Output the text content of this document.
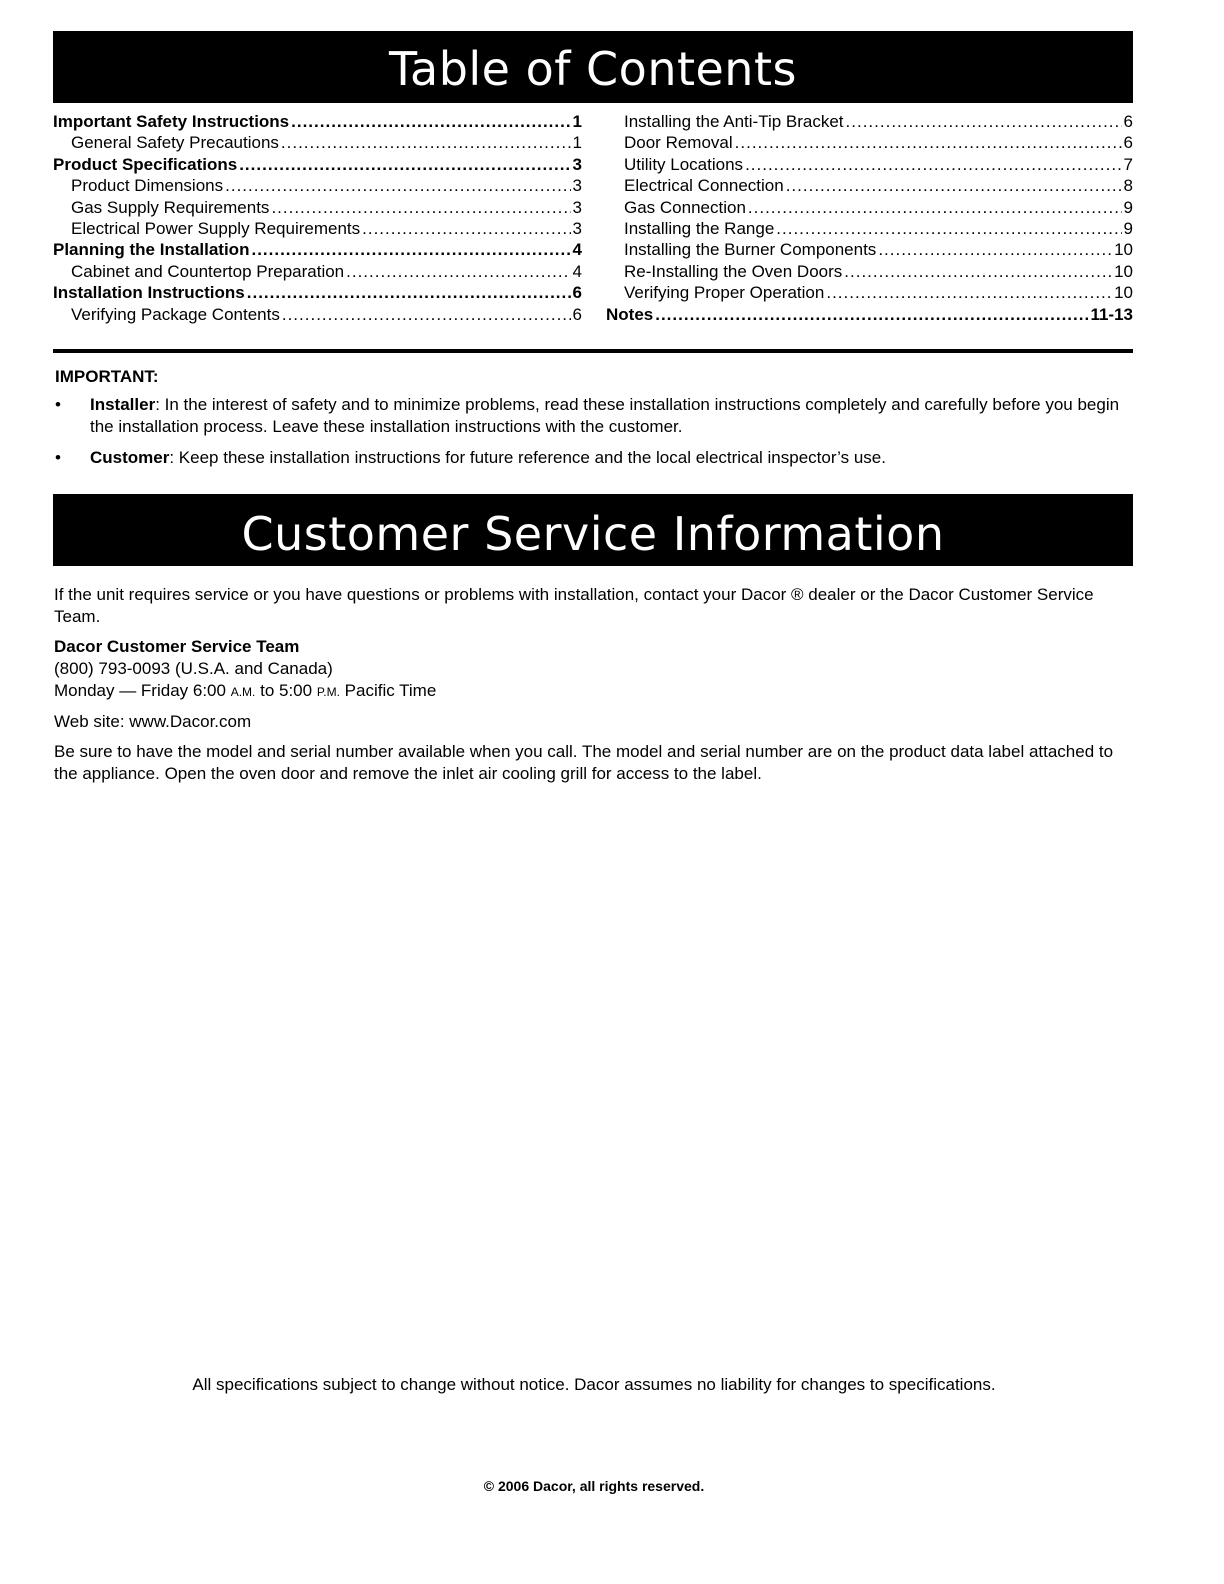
Table of Contents
Important Safety Instructions .....	1
General Safety Precautions .....	1
Product Specifications .....	3
Product Dimensions .....	3
Gas Supply Requirements .....	3
Electrical Power Supply Requirements .....	3
Planning the Installation .....	4
Cabinet and Countertop Preparation .....	4
Installation Instructions .....	6
Verifying Package Contents .....	6
Installing the Anti-Tip Bracket .....	6
Door Removal .....	6
Utility Locations .....	7
Electrical Connection .....	8
Gas Connection .....	9
Installing the Range .....	9
Installing the Burner Components .....	10
Re-Installing the Oven Doors .....	10
Verifying Proper Operation .....	10
Notes .....	11-13
IMPORTANT:
•	Installer: In the interest of safety and to minimize problems, read these installation instructions completely and carefully before you begin the installation process. Leave these installation instructions with the customer.
•	Customer: Keep these installation instructions for future reference and the local electrical inspector’s use.
Customer Service Information

If the unit requires service or you have questions or problems with installation, contact your Dacor ® dealer or the Dacor Customer Service Team.

Dacor Customer Service Team
(800) 793-0093 (U.S.A. and Canada)
Monday — Friday 6:00 A.M. to 5:00 P.M. Pacific Time

Web site: www.Dacor.com

Be sure to have the model and serial number available when you call. The model and serial number are on the product data label attached to the appliance. Open the oven door and remove the inlet air cooling grill for access to the label.

All specifications subject to change without notice. Dacor assumes no liability for changes to specifications.
© 2006 Dacor, all rights reserved.
